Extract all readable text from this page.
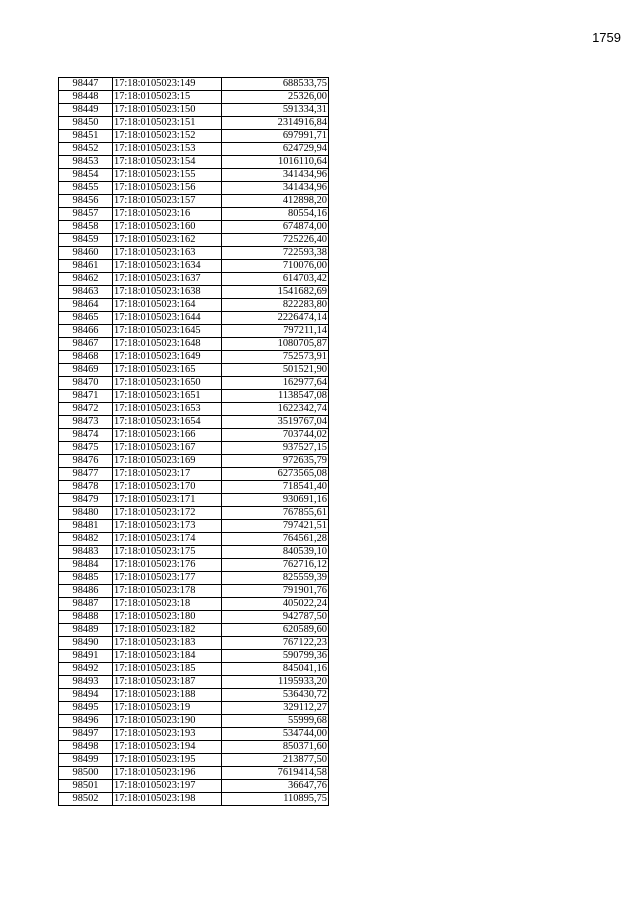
1759
98447	17:18:0105023:149	688533,75
98448	17:18:0105023:15	25326,00
98449	17:18:0105023:150	591334,31
98450	17:18:0105023:151	2314916,84
98451	17:18:0105023:152	697991,71
98452	17:18:0105023:153	624729,94
98453	17:18:0105023:154	1016110,64
98454	17:18:0105023:155	341434,96
98455	17:18:0105023:156	341434,96
98456	17:18:0105023:157	412898,20
98457	17:18:0105023:16	80554,16
98458	17:18:0105023:160	674874,00
98459	17:18:0105023:162	725226,40
98460	17:18:0105023:163	722593,38
98461	17:18:0105023:1634	710076,00
98462	17:18:0105023:1637	614703,42
98463	17:18:0105023:1638	1541682,69
98464	17:18:0105023:164	822283,80
98465	17:18:0105023:1644	2226474,14
98466	17:18:0105023:1645	797211,14
98467	17:18:0105023:1648	1080705,87
98468	17:18:0105023:1649	752573,91
98469	17:18:0105023:165	501521,90
98470	17:18:0105023:1650	162977,64
98471	17:18:0105023:1651	1138547,08
98472	17:18:0105023:1653	1622342,74
98473	17:18:0105023:1654	3519767,04
98474	17:18:0105023:166	703744,02
98475	17:18:0105023:167	937527,15
98476	17:18:0105023:169	972635,79
98477	17:18:0105023:17	6273565,08
98478	17:18:0105023:170	718541,40
98479	17:18:0105023:171	930691,16
98480	17:18:0105023:172	767855,61
98481	17:18:0105023:173	797421,51
98482	17:18:0105023:174	764561,28
98483	17:18:0105023:175	840539,10
98484	17:18:0105023:176	762716,12
98485	17:18:0105023:177	825559,39
98486	17:18:0105023:178	791901,76
98487	17:18:0105023:18	405022,24
98488	17:18:0105023:180	942787,50
98489	17:18:0105023:182	620589,60
98490	17:18:0105023:183	767122,23
98491	17:18:0105023:184	590799,36
98492	17:18:0105023:185	845041,16
98493	17:18:0105023:187	1195933,20
98494	17:18:0105023:188	536430,72
98495	17:18:0105023:19	329112,27
98496	17:18:0105023:190	55999,68
98497	17:18:0105023:193	534744,00
98498	17:18:0105023:194	850371,60
98499	17:18:0105023:195	213877,50
98500	17:18:0105023:196	7619414,58
98501	17:18:0105023:197	36647,76
98502	17:18:0105023:198	110895,75
